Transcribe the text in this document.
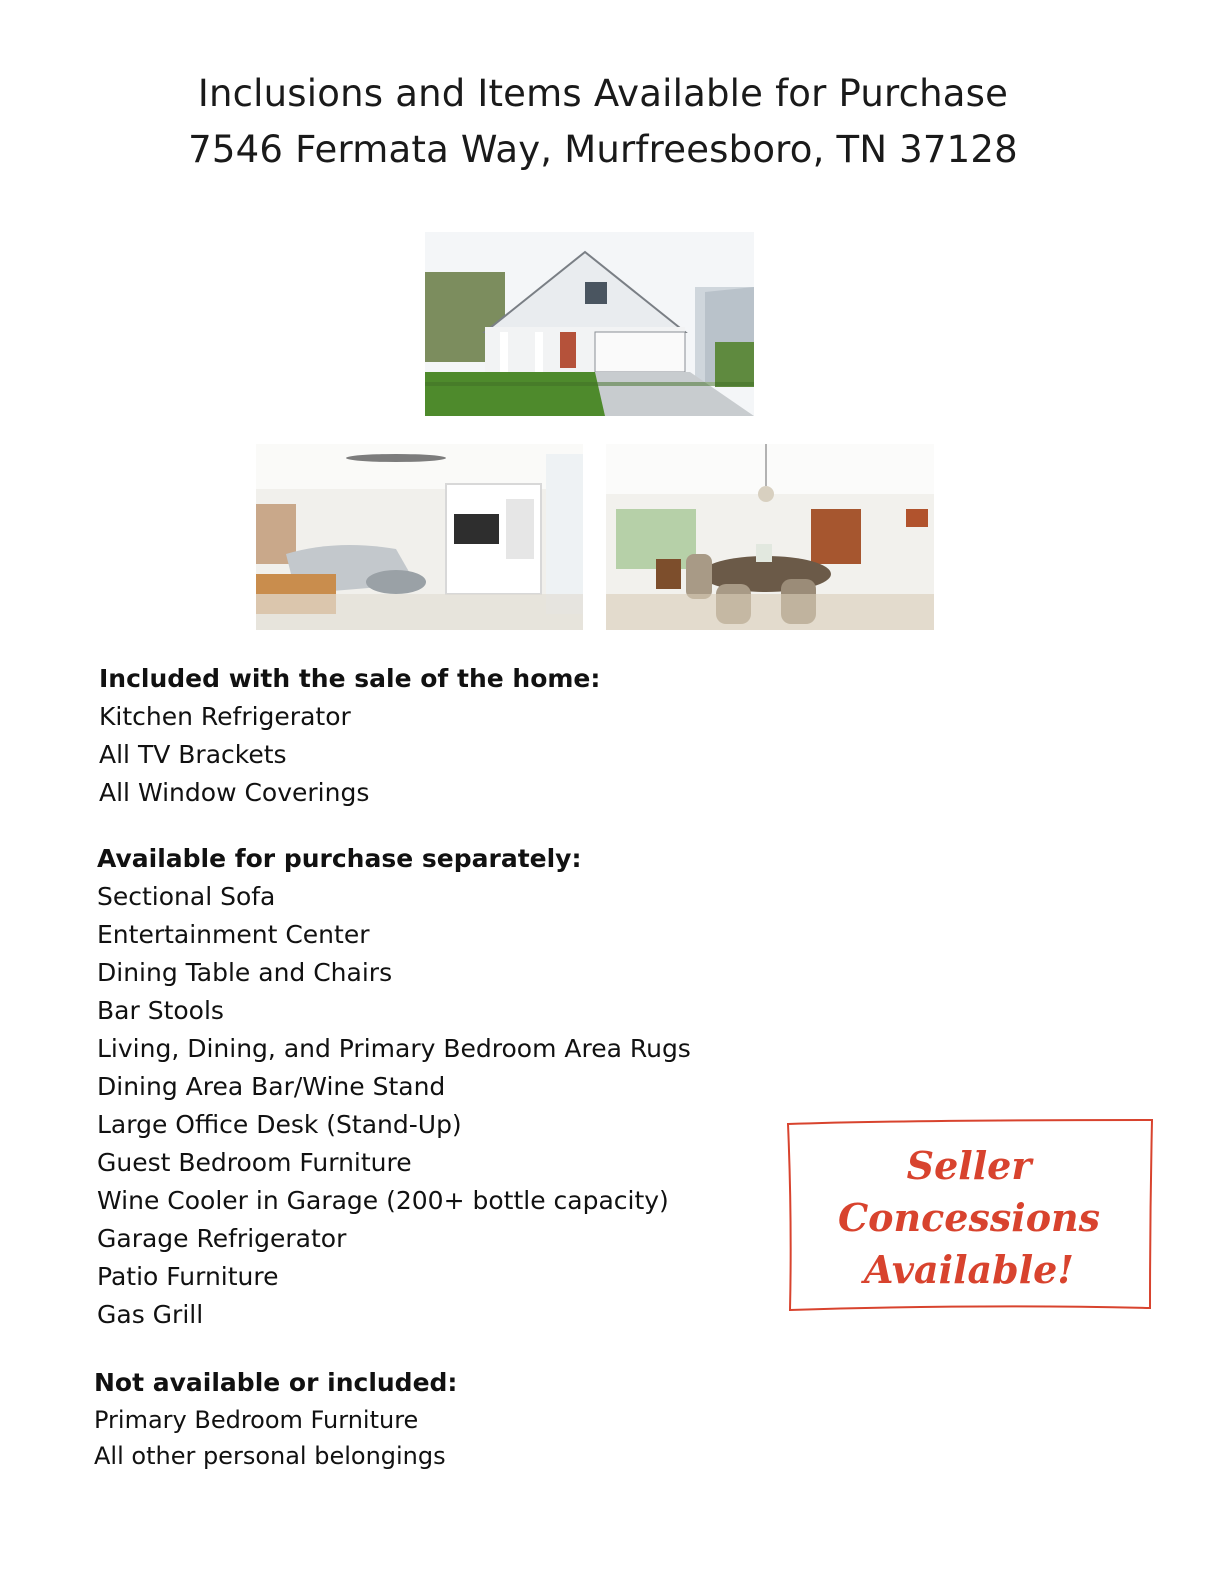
Inclusions and Items Available for Purchase
7546 Fermata Way, Murfreesboro, TN 37128
Included with the sale of the home:
Kitchen Refrigerator
All TV Brackets
All Window Coverings
Available for purchase separately:
Sectional Sofa
Entertainment Center
Dining Table and Chairs
Bar Stools
Living, Dining, and Primary Bedroom Area Rugs
Dining Area Bar/Wine Stand
Large Office Desk (Stand-Up)
Guest Bedroom Furniture
Wine Cooler in Garage (200+ bottle capacity)
Garage Refrigerator
Patio Furniture
Gas Grill
Not available or included:
Primary Bedroom Furniture
All other personal belongings
Seller
Concessions
Available!
